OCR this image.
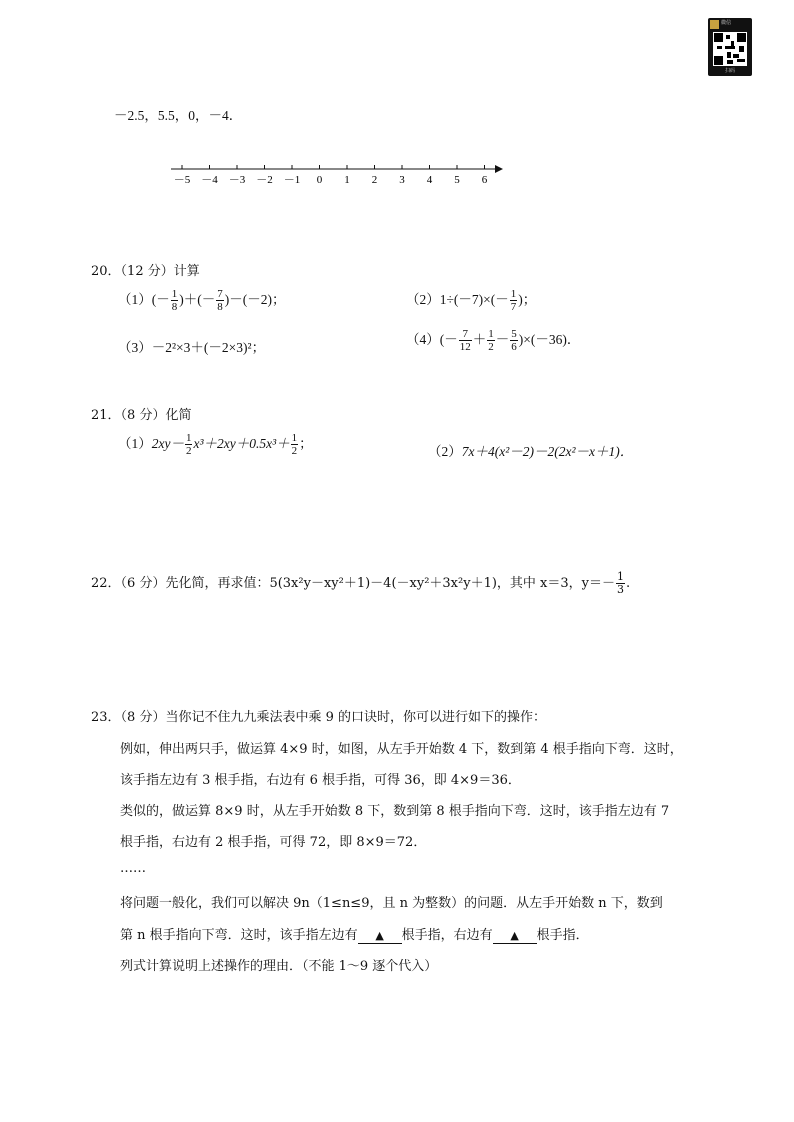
微信
扫码
－2.5，5.5，0，－4．
－5 －4 －3 －2 －1 0 1 2 3 4 5 6
20．（12 分）计算
$(1)(- \frac{1}{8}$ )＋(－ $\frac{7}{8} )-(-2)$；	$(2)1\div(-7)\times(- \frac{1}{7}$ )；
（3）－2²×3＋(－2×3)²；
$(4)(- \frac{7}{12} + \frac{1}{2} - \frac{5}{6} )\times(-36)$．
21．（8 分）化简
$(1)2xy- \frac{1}{2} x^3+2xy+0.5x^3+ \frac{1}{2}$ ；
（2）7x＋4(x²－2)－2(2x²－x＋1)．
22．（6 分）先化简，再求值：5(3x²y－xy²＋1)－4(－xy²＋3x²y＋1)，其中 x＝3，$y=- \frac{1}{3}$ .
23．（8 分）当你记不住九九乘法表中乘 9 的口诀时，你可以进行如下的操作：
例如，伸出两只手，做运算 4×9 时，如图，从左手开始数 4 下，数到第 4 根手指向下弯．这时，
该手指左边有 3 根手指，右边有 6 根手指，可得 36，即 4×9＝36．
类似的，做运算 8×9 时，从左手开始数 8 下，数到第 8 根手指向下弯．这时，该手指左边有 7
根手指，右边有 2 根手指，可得 72，即 8×9＝72．
……
将问题一般化，我们可以解决 9n（1≤n≤9，且 n 为整数）的问题．从左手开始数 n 下，数到
第 n 根手指向下弯．这时，该手指左边有 ▲ 根手指，右边有 ▲ 根手指．
列式计算说明上述操作的理由．（不能 1～9 逐个代入）
